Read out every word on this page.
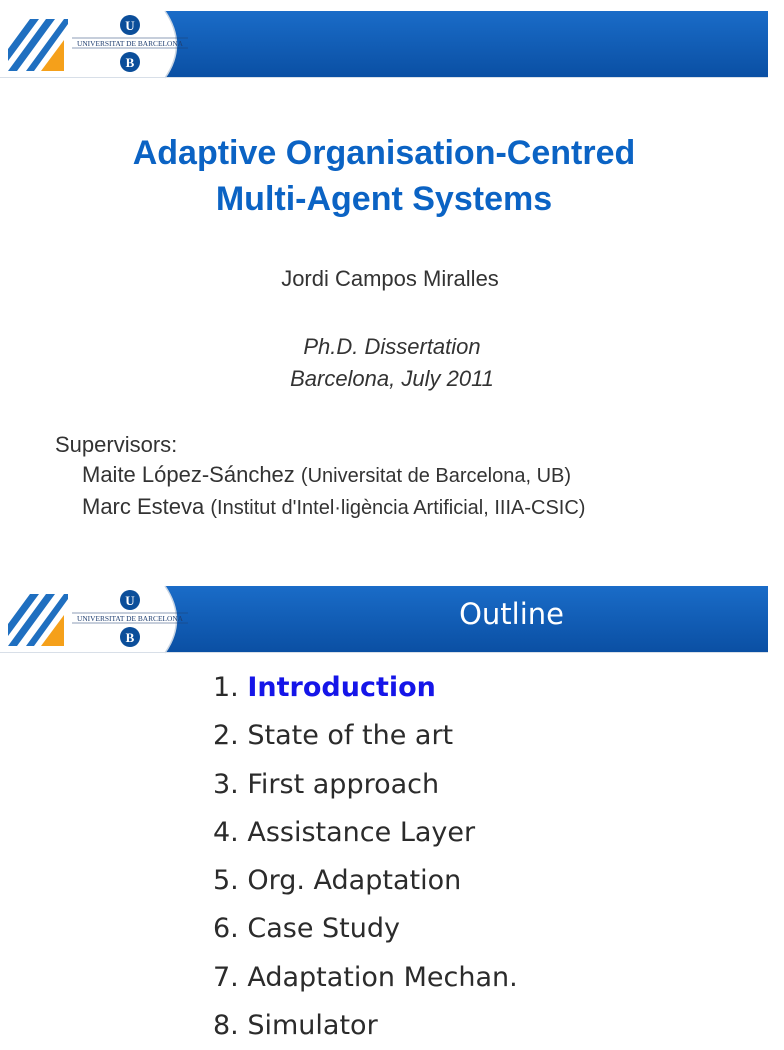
U
B
UNIVERSITAT DE BARCELONA
Adaptive Organisation-Centred
Multi-Agent Systems
Jordi Campos Miralles
Ph.D. Dissertation
Barcelona, July 2011
Supervisors:
Maite López-Sánchez (Universitat de Barcelona, UB)
Marc Esteva (Institut d'Intel·ligència Artificial, IIIA-CSIC)
U
B
UNIVERSITAT DE BARCELONA	Outline
1. Introduction
2. State of the art
3. First approach
4. Assistance Layer
5. Org. Adaptation
6. Case Study
7. Adaptation Mechan.
8. Simulator
